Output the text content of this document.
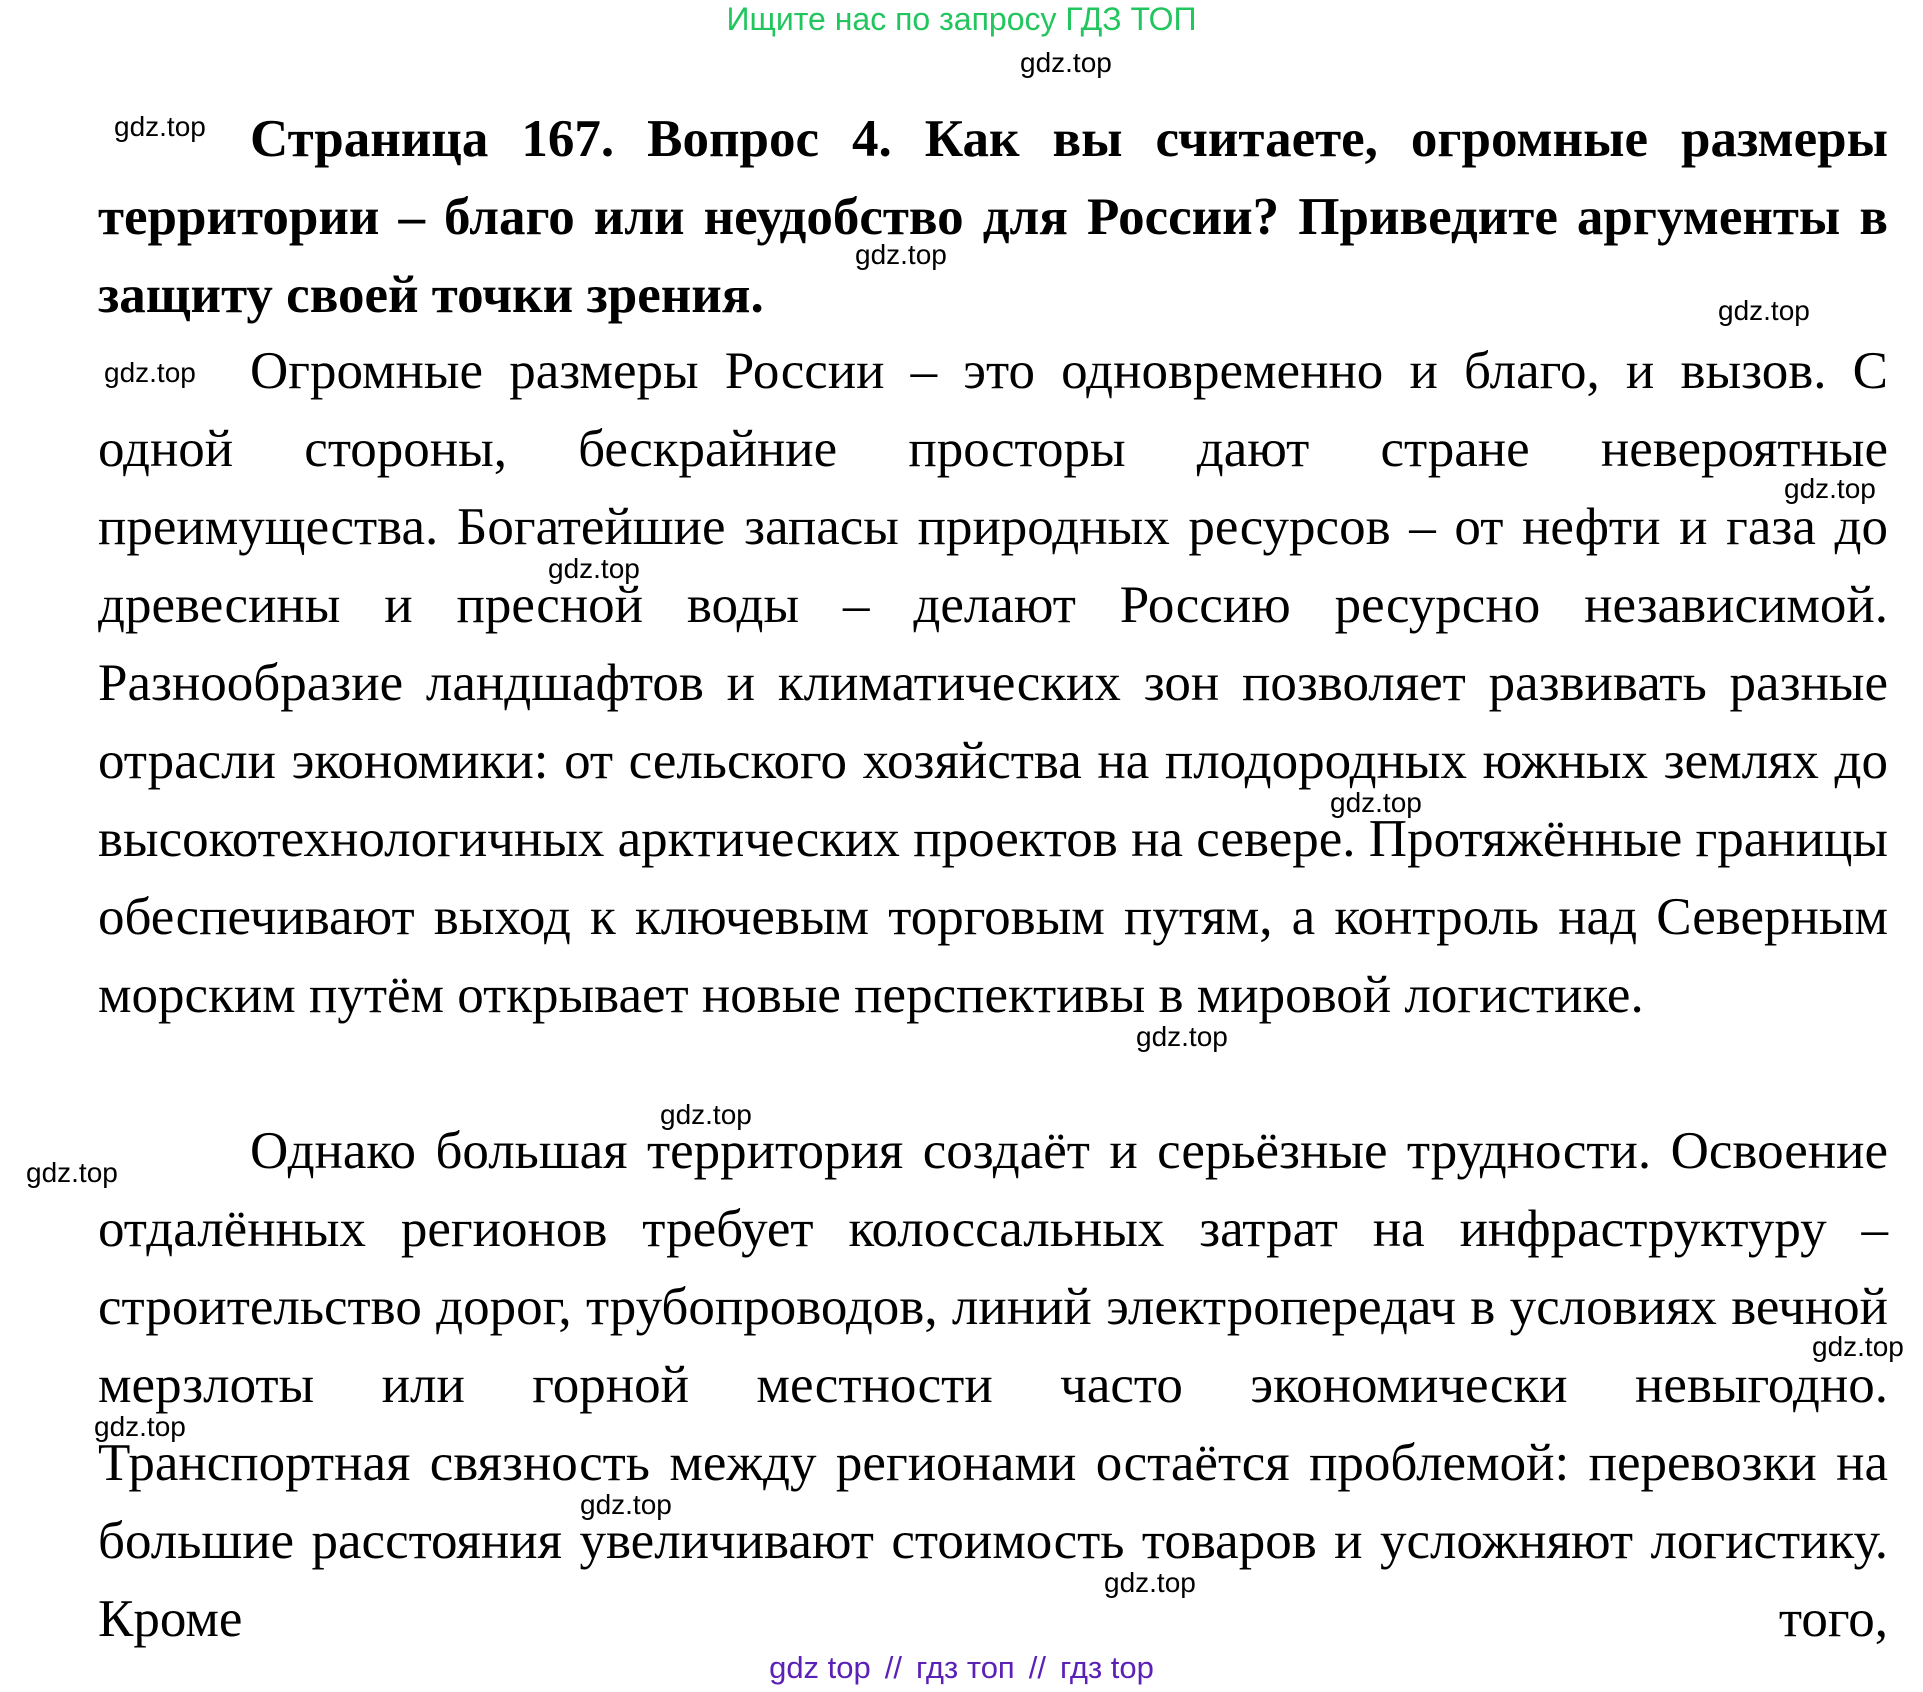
Ищите нас по запросу ГДЗ ТОП
Страница 167. Вопрос 4. Как вы считаете, огромные размеры территории – благо или неудобство для России? Приведите аргументы в защиту своей точки зрения.

Огромные размеры России – это одновременно и благо, и вызов. С одной стороны, бескрайние просторы дают стране невероятные преимущества. Богатейшие запасы природных ресурсов – от нефти и газа до древесины и пресной воды – делают Россию ресурсно независимой. Разнообразие ландшафтов и климатических зон позволяет развивать разные отрасли экономики: от сельского хозяйства на плодородных южных землях до высокотехнологичных арктических проектов на севере. Протяжённые границы обеспечивают выход к ключевым торговым путям, а контроль над Северным морским путём открывает новые перспективы в мировой логистике.

Однако большая территория создаёт и серьёзные трудности. Освоение отдалённых регионов требует колоссальных затрат на инфраструктуру – строительство дорог, трубопроводов, линий электропередач в условиях вечной мерзлоты или горной местности часто экономически невыгодно. Транспортная связность между регионами остаётся проблемой: перевозки на большие расстояния увеличивают стоимость товаров и усложняют логистику. Кроме того,

gdz.top
gdz.top
gdz.top
gdz.top
gdz.top
gdz.top
gdz.top
gdz.top
gdz.top
gdz.top
gdz.top
gdz.top
gdz.top
gdz.top
gdz.top
gdz top // гдз топ // гдз top
